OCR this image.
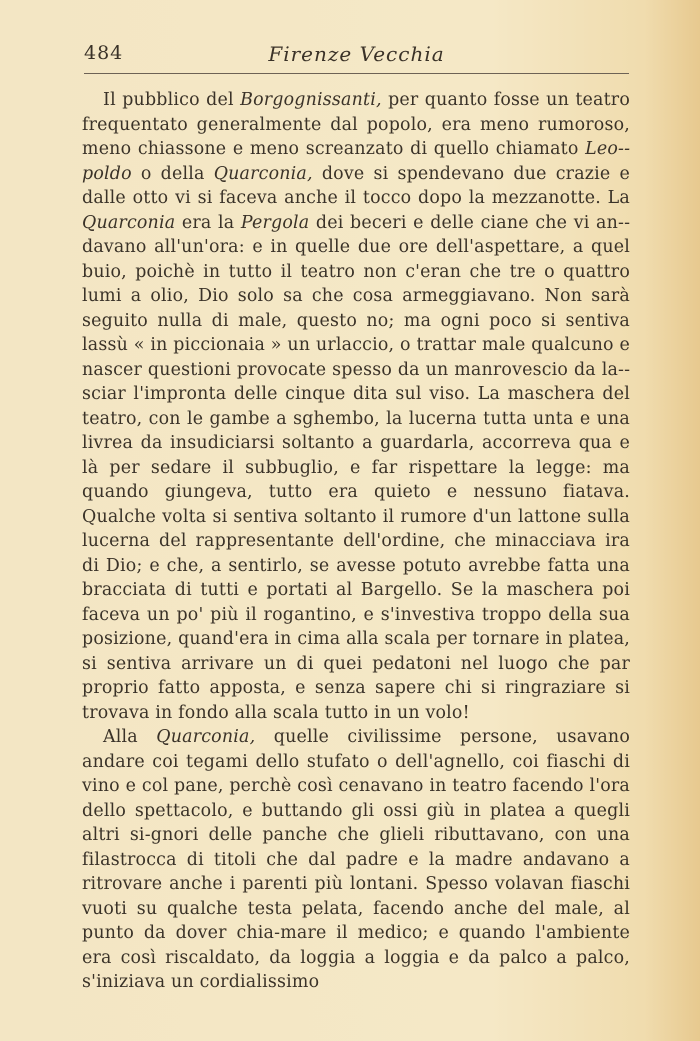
484	Firenze Vecchia

Il pubblico del Borgognissanti, per quanto fosse un teatro frequentato generalmente dal popolo, era meno rumoroso, meno chiassone e meno screanzato di quello chiamato Leo-poldo o della Quarconia, dove si spendevano due crazie e dalle otto vi si faceva anche il tocco dopo la mezzanotte. La Quarconia era la Pergola dei beceri e delle ciane che vi an-davano all'un'ora: e in quelle due ore dell'aspettare, a quel buio, poichè in tutto il teatro non c'eran che tre o quattro lumi a olio, Dio solo sa che cosa armeggiavano. Non sarà seguito nulla di male, questo no; ma ogni poco si sentiva lassù « in piccionaia » un urlaccio, o trattar male qualcuno e nascer questioni provocate spesso da un manrovescio da la-sciar l'impronta delle cinque dita sul viso. La maschera del teatro, con le gambe a sghembo, la lucerna tutta unta e una livrea da insudiciarsi soltanto a guardarla, accorreva qua e là per sedare il subbuglio, e far rispettare la legge: ma quando giungeva, tutto era quieto e nessuno fiatava. Qualche volta si sentiva soltanto il rumore d'un lattone sulla lucerna del rappresentante dell'ordine, che minacciava ira di Dio; e che, a sentirlo, se avesse potuto avrebbe fatta una bracciata di tutti e portati al Bargello. Se la maschera poi faceva un po' più il rogantino, e s'investiva troppo della sua posizione, quand'era in cima alla scala per tornare in platea, si sentiva arrivare un di quei pedatoni nel luogo che par proprio fatto apposta, e senza sapere chi si ringraziare si trovava in fondo alla scala tutto in un volo!

Alla Quarconia, quelle civilissime persone, usavano andare coi tegami dello stufato o dell'agnello, coi fiaschi di vino e col pane, perchè così cenavano in teatro facendo l'ora dello spettacolo, e buttando gli ossi giù in platea a quegli altri si-gnori delle panche che glieli ributtavano, con una filastrocca di titoli che dal padre e la madre andavano a ritrovare anche i parenti più lontani. Spesso volavan fiaschi vuoti su qualche testa pelata, facendo anche del male, al punto da dover chia-mare il medico; e quando l'ambiente era così riscaldato, da loggia a loggia e da palco a palco, s'iniziava un cordialissimo
